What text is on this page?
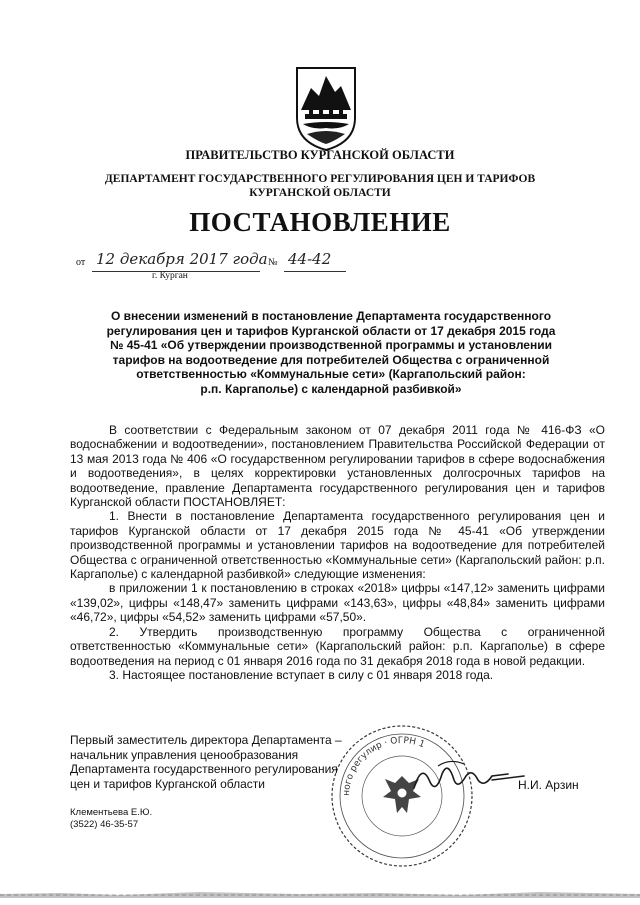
ПРАВИТЕЛЬСТВО КУРГАНСКОЙ ОБЛАСТИ
ДЕПАРТАМЕНТ ГОСУДАРСТВЕННОГО РЕГУЛИРОВАНИЯ ЦЕН И ТАРИФОВ
КУРГАНСКОЙ ОБЛАСТИ
ПОСТАНОВЛЕНИЕ
от 12 декабря 2017 года № 44-42
г. Курган
О внесении изменений в постановление Департамента государственного
регулирования цен и тарифов Курганской области от 17 декабря 2015 года
№ 45-41 «Об утверждении производственной программы и установлении
тарифов на водоотведение для потребителей Общества с ограниченной
ответственностью «Коммунальные сети» (Каргапольский район:
р.п. Каргаполье) с календарной разбивкой»

В соответствии с Федеральным законом от 07 декабря 2011 года № 416-ФЗ «О водоснабжении и водоотведении», постановлением Правительства Российской Федерации от 13 мая 2013 года № 406 «О государственном регулировании тарифов в сфере водоснабжения и водоотведения», в целях корректировки установленных долгосрочных тарифов на водоотведение, правление Департамента государственного регулирования цен и тарифов Курганской области ПОСТАНОВЛЯЕТ:

1. Внести в постановление Департамента государственного регулирования цен и тарифов Курганской области от 17 декабря 2015 года № 45-41 «Об утверждении производственной программы и установлении тарифов на водоотведение для потребителей Общества с ограниченной ответственностью «Коммунальные сети» (Каргапольский район: р.п. Каргаполье) с календарной разбивкой» следующие изменения:

в приложении 1 к постановлению в строках «2018» цифры «147,12» заменить цифрами «139,02», цифры «148,47» заменить цифрами «143,63», цифры «48,84» заменить цифрами «46,72», цифры «54,52» заменить цифрами «57,50».

2. Утвердить производственную программу Общества с ограниченной ответственностью «Коммунальные сети» (Каргапольский район: р.п. Каргаполье) в сфере водоотведения на период с 01 января 2016 года по 31 декабря 2018 года в новой редакции.

3. Настоящее постановление вступает в силу с 01 января 2018 года.

ного регулир · ОГРН 1
Первый заместитель директора Департамента –
начальник управления ценообразования
Департамента государственного регулирования
цен и тарифов Курганской области	Н.И. Арзин
Клементьева Е.Ю.
(3522) 46-35-57
